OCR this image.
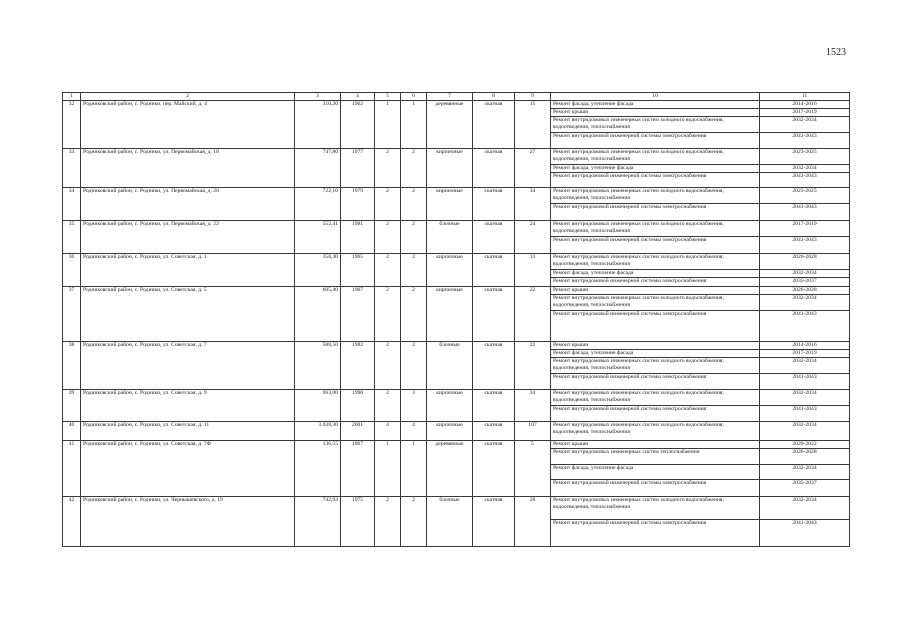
1523
1	2	3	4	5	6	7	8	9	10	11
32	Родниковский район, с. Родники, пер. Майский, д. 4	310,20	1962	1	1	деревянные	скатная	15	Ремонт фасада, утепление фасада	2014-2016
									Ремонт крыши	2017-2019
									Ремонт внутридомовых инженерных систем холодного водоснабжения, водоотведения, теплоснабжения	2032-2034
									Ремонт внутридомовой инженерной системы электроснабжения	2041-2043
33	Родниковский район, с. Родники, ул. Первомайская, д. 18	747,80	1977	2	2	кирпичные	скатная	27	Ремонт внутридомовых инженерных систем холодного водоснабжения, водоотведения, теплоснабжения	2023-2025
									Ремонт фасада, утепление фасада	2032-2034
									Ремонт внутридомовой инженерной системы электроснабжения	2041-2043
34	Родниковский район, с. Родники, ул. Первомайская, д. 20	722,10	1979	2	2	кирпичные	скатная	34	Ремонт внутридомовых инженерных систем холодного водоснабжения, водоотведения, теплоснабжения	2023-2025
									Ремонт внутридомовой инженерной системы электроснабжения	2041-2043
35	Родниковский район, с. Родники, ул. Первомайская, д. 22	552,41	1981	2	2	блочные	скатная	24	Ремонт внутридомовых инженерных систем холодного водоснабжения, водоотведения, теплоснабжения	2017-2019
									Ремонт внутридомовой инженерной системы электроснабжения	2041-2043
36	Родниковский район, с. Родники, ул. Советская, д. 1	358,40	1965	2	2	кирпичные	скатная	13	Ремонт внутридомовых инженерных систем холодного водоснабжения, водоотведения, теплоснабжения	2026-2028
									Ремонт фасада, утепление фасада	2032-2034
									Ремонт внутридомовой инженерной системы электроснабжения	2035-2037
37	Родниковский район, с. Родники, ул. Советская, д. 5	605,40	1967	2	2	кирпичные	скатная	22	Ремонт крыши	2026-2028
									Ремонт внутридомовых инженерных систем холодного водоснабжения, водоотведения, теплоснабжения	2032-2034
									Ремонт внутридомовой инженерной системы электроснабжения	2041-2043
38	Родниковский район, с. Родники, ул. Советская, д. 7	588,50	1982	2	2	блочные	скатная	22	Ремонт крыши	2014-2016
									Ремонт фасада, утепление фасада	2017-2019
									Ремонт внутридомовых инженерных систем холодного водоснабжения, водоотведения, теплоснабжения	2032-2034
									Ремонт внутридомовой инженерной системы электроснабжения	2041-2043
39	Родниковский район, с. Родники, ул. Советская, д. 9	963,00	1990	2	3	кирпичные	скатная	34	Ремонт внутридомовых инженерных систем холодного водоснабжения, водоотведения, теплоснабжения	2032-2034
									Ремонт внутридомовой инженерной системы электроснабжения	2041-2043
40	Родниковский район, с. Родники, ул. Советская, д. 11	3 038,30	2001	4	4	кирпичные	скатная	107	Ремонт внутридомовых инженерных систем холодного водоснабжения, водоотведения, теплоснабжения	2032-2034
41	Родниковский район, с. Родники, ул. Советская, д. 7Ф	136,55	1967	1	1	деревянные	скатная	5	Ремонт крыши	2020-2022
									Ремонт внутридомовых инженерных систем теплоснабжения	2026-2028
									Ремонт фасада, утепление фасада	2032-2034
									Ремонт внутридомовой инженерной системы электроснабжения	2035-2037
42	Родниковский район, с. Родники, ул. Чернышевского, д. 19	742,93	1975	2	2	блочные	скатная	28	Ремонт внутридомовых инженерных систем холодного водоснабжения, водоотведения, теплоснабжения	2032-2034
									Ремонт внутридомовой инженерной системы электроснабжения	2041-2043
